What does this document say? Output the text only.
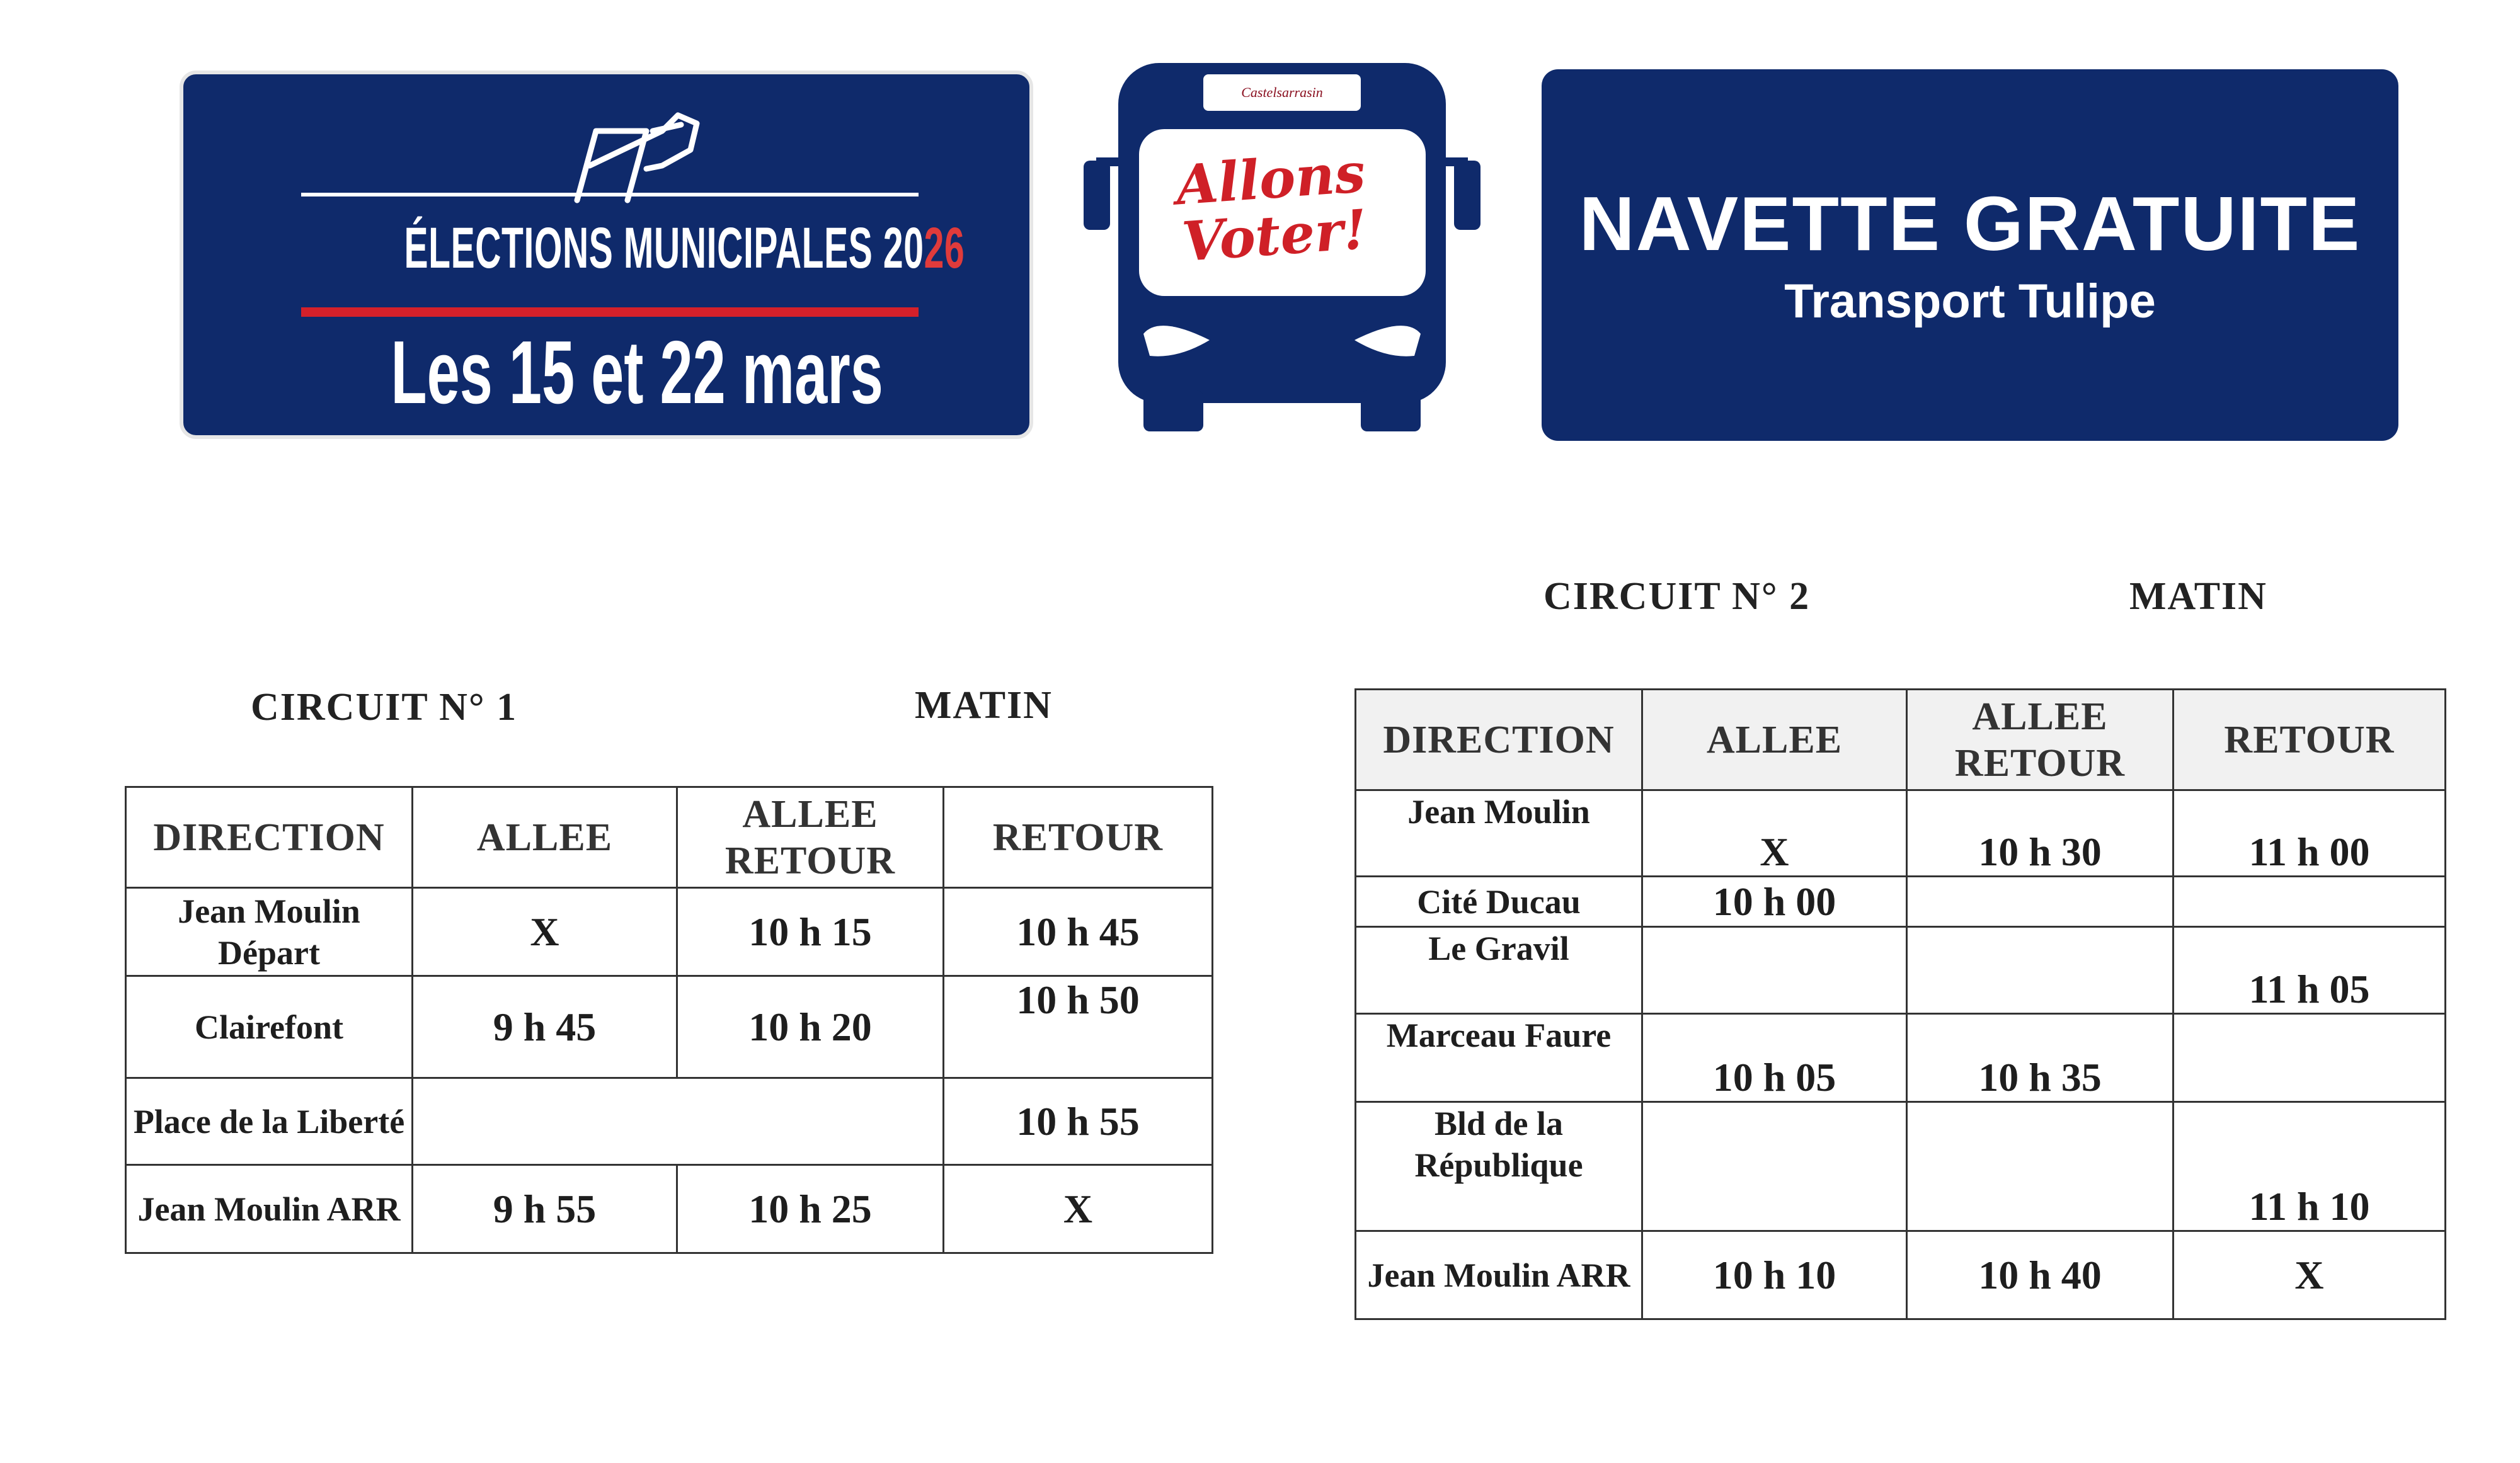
ÉLECTIONS MUNICIPALES 2026
Les 15 et 22 mars
Castelsarrasin
Allons
Voter!	NAVETTE GRATUITE
Transport Tulipe
CIRCUIT N° 1	MATIN
DIRECTION	ALLEE	ALLEE RETOUR	RETOUR
Jean Moulin Départ	X	10 h 15	10 h 45
Clairefont	9 h 45	10 h 20	10 h 50
Place de la Liberté			10 h 55
Jean Moulin ARR	9 h 55	10 h 25	X
CIRCUIT N° 2	MATIN
DIRECTION	ALLEE	ALLEE RETOUR	RETOUR
Jean Moulin	X	10 h 30	11 h 00
Cité Ducau	10 h 00		
Le Gravil			11 h 05
Marceau Faure	10 h 05	10 h 35	
Bld de la République			11 h 10
Jean Moulin ARR	10 h 10	10 h 40	X
